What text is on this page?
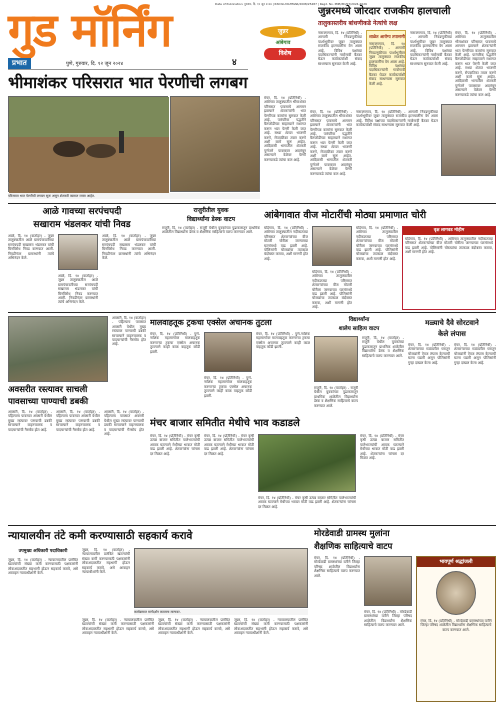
Date of Publication: गुरुवार, दि. १२ जून २०२४ | RNI No.MAHMAR/2008/25487 | Regd. No. PNE/ZD/07/2024-2026
गुड मॉर्निंग
प्रभात	पुणे, गुरुवार, दि. १२ जून २०२४	४
जुन्नर
आंबेगाव
विशेष
जुन्नरमध्ये जोरदार राजकीय हालचाली
तालुकास्तरीय बांधणीकडे नेत्यांचे लक्ष
नारायणगाव, दि. १४ (प्रतिनिधी) - आगामी निवडणुकीच्या पार्श्वभूमीवर जुन्नर तालुक्यात राजकीय हालचालींना वेग आला आहे. विविध पक्षांच्या पदाधिकाऱ्यांनी गावोगावी बैठका घेऊन कार्यकर्त्यांशी संवाद साधण्यास सुरुवात केली आहे.
शाळेत आरोग्य तपासणी
नारायणगाव, दि. १४ (प्रतिनिधी) - आगामी निवडणुकीच्या पार्श्वभूमीवर जुन्नर तालुक्यात राजकीय हालचालींना वेग आला आहे. विविध पक्षांच्या पदाधिकाऱ्यांनी गावोगावी बैठका घेऊन कार्यकर्त्यांशी संवाद साधण्यास सुरुवात केली आहे.
नारायणगाव, दि. १४ (प्रतिनिधी) - आगामी निवडणुकीच्या पार्श्वभूमीवर जुन्नर तालुक्यात राजकीय हालचालींना वेग आला आहे. विविध पक्षांच्या पदाधिकाऱ्यांनी गावोगावी बैठका घेऊन कार्यकर्त्यांशी संवाद साधण्यास सुरुवात केली आहे.
मंचर, दि. १४ (प्रतिनिधी) - आंबेगाव तालुक्यातील भीमाशंकर परिसरात पावसाचे आगमन झाल्याने शेतकऱ्यांनी भात पेरणीच्या कामांना सुरुवात केली आहे. पारंपरिक पद्धतीने बैलजोडीच्या साहाय्याने मशागत करून भात पेरणी केली जात आहे. सध्या शेतात भाजणी करणे, रोपवाटिका तयार करणे अशी कामे सुरू आहेत. आदिवासी भागातील शेतकरी पूर्णपणे पावसावर अवलंबून असल्याने वेळेवर पेरणी करण्याकडे त्यांचा कल आहे.
भीमाशंकर परिसरात भात पेरणीची लगबग
परिसरात भात पेरणीची लगबग सुरू असून शेतकरी कामात व्यस्त आहेत.
मंचर, दि. १४ (प्रतिनिधी) - आंबेगाव तालुक्यातील भीमाशंकर परिसरात पावसाचे आगमन झाल्याने शेतकऱ्यांनी भात पेरणीच्या कामांना सुरुवात केली आहे. पारंपरिक पद्धतीने बैलजोडीच्या साहाय्याने मशागत करून भात पेरणी केली जात आहे. सध्या शेतात भाजणी करणे, रोपवाटिका तयार करणे अशी कामे सुरू आहेत. आदिवासी भागातील शेतकरी पूर्णपणे पावसावर अवलंबून असल्याने वेळेवर पेरणी करण्याकडे त्यांचा कल आहे.
मंचर, दि. १४ (प्रतिनिधी) - आंबेगाव तालुक्यातील भीमाशंकर परिसरात पावसाचे आगमन झाल्याने शेतकऱ्यांनी भात पेरणीच्या कामांना सुरुवात केली आहे. पारंपरिक पद्धतीने बैलजोडीच्या साहाय्याने मशागत करून भात पेरणी केली जात आहे. सध्या शेतात भाजणी करणे, रोपवाटिका तयार करणे अशी कामे सुरू आहेत. आदिवासी भागातील शेतकरी पूर्णपणे पावसावर अवलंबून असल्याने वेळेवर पेरणी करण्याकडे त्यांचा कल आहे.
नारायणगाव, दि. १४ (प्रतिनिधी) - आगामी निवडणुकीच्या पार्श्वभूमीवर जुन्नर तालुक्यात राजकीय हालचालींना वेग आला आहे. विविध पक्षांच्या पदाधिकाऱ्यांनी गावोगावी बैठका घेऊन कार्यकर्त्यांशी संवाद साधण्यास सुरुवात केली आहे.
आळे गावच्या सरपंचपदी
सखाराम भंडलकर यांची निवड
आळे, दि. १४ (वार्ताहर) - जुन्नर तालुक्यातील आळे ग्रामपंचायतीच्या सरपंचपदी सखाराम भंडलकर यांची बिनविरोध निवड करण्यात आली. निवडीनंतर ग्रामस्थांनी त्यांचे अभिनंदन केले.
आळे, दि. १४ (वार्ताहर) - जुन्नर तालुक्यातील आळे ग्रामपंचायतीच्या सरपंचपदी सखाराम भंडलकर यांची बिनविरोध निवड करण्यात आली. निवडीनंतर ग्रामस्थांनी त्यांचे अभिनंदन केले.
आळे, दि. १४ (वार्ताहर) - जुन्नर तालुक्यातील आळे ग्रामपंचायतीच्या सरपंचपदी सखाराम भंडलकर यांची बिनविरोध निवड करण्यात आली. निवडीनंतर ग्रामस्थांनी त्यांचे अभिनंदन केले.
राजुरीतील युवक
विद्यार्थ्यांना डेस्क वाटप
राजुरी, दि. १४ (वार्ताहर) - राजुरी येथील युवकांच्या पुढाकारातून प्राथमिक शाळेतील विद्यार्थ्यांना डेस्क व शैक्षणिक साहित्याचे वाटप करण्यात आले.
आंबेगावात वीज मोटारींची मोठ्या प्रमाणात चोरी
घोडेगाव, दि. १४ (प्रतिनिधी) - आंबेगाव तालुक्यातील नदीकाठच्या परिसरात शेतकऱ्यांच्या वीज मोटारी चोरीला जाण्याच्या घटनांमध्ये वाढ झाली आहे. पोलिसांनी चोरट्यांचा तात्काळ बंदोबस्त करावा, अशी मागणी होत आहे.
घोडेगाव, दि. १४ (प्रतिनिधी) - आंबेगाव तालुक्यातील नदीकाठच्या परिसरात शेतकऱ्यांच्या वीज मोटारी चोरीला जाण्याच्या घटनांमध्ये वाढ झाली आहे. पोलिसांनी चोरट्यांचा तात्काळ बंदोबस्त करावा, अशी मागणी होत आहे.
घोडेगाव, दि. १४ (प्रतिनिधी) - आंबेगाव तालुक्यातील नदीकाठच्या परिसरात शेतकऱ्यांच्या वीज मोटारी चोरीला जाण्याच्या घटनांमध्ये वाढ झाली आहे. पोलिसांनी चोरट्यांचा तात्काळ बंदोबस्त करावा, अशी मागणी होत आहे.
वृक्ष लागवड मोहीम
घोडेगाव, दि. १४ (प्रतिनिधी) - आंबेगाव तालुक्यातील नदीकाठच्या परिसरात शेतकऱ्यांच्या वीज मोटारी चोरीला जाण्याच्या घटनांमध्ये वाढ झाली आहे. पोलिसांनी चोरट्यांचा तात्काळ बंदोबस्त करावा, अशी मागणी होत आहे.
अवसरीत रस्त्यावर साचली
पावसाच्या पाण्याची डबकी
अवसरी, दि. १४ (वार्ताहर) - पहिल्याच पावसात अवसरी येथील मुख्य रस्त्यावर पाण्याची डबकी साचल्याने वाहनचालक व पादचाऱ्यांची गैरसोय होत आहे.
अवसरी, दि. १४ (वार्ताहर) - पहिल्याच पावसात अवसरी येथील मुख्य रस्त्यावर पाण्याची डबकी साचल्याने वाहनचालक व पादचाऱ्यांची गैरसोय होत आहे.
अवसरी, दि. १४ (वार्ताहर) - पहिल्याच पावसात अवसरी येथील मुख्य रस्त्यावर पाण्याची डबकी साचल्याने वाहनचालक व पादचाऱ्यांची गैरसोय होत आहे.
अवसरी, दि. १४ (वार्ताहर) - पहिल्याच पावसात अवसरी येथील मुख्य रस्त्यावर पाण्याची डबकी साचल्याने वाहनचालक व पादचाऱ्यांची गैरसोय होत आहे.
मालवाहतूक ट्रकचा एक्सेल अचानक तुटला
मंचर, दि. १४ (प्रतिनिधी) - पुणे-नाशिक महामार्गावर मालवाहतूक करणाऱ्या ट्रकचा एक्सेल अचानक तुटल्याने काही काळ वाहतूक कोंडी झाली.
मंचर, दि. १४ (प्रतिनिधी) - पुणे-नाशिक महामार्गावर मालवाहतूक करणाऱ्या ट्रकचा एक्सेल अचानक तुटल्याने काही काळ वाहतूक कोंडी झाली.
मंचर, दि. १४ (प्रतिनिधी) - पुणे-नाशिक महामार्गावर मालवाहतूक करणाऱ्या ट्रकचा एक्सेल अचानक तुटल्याने काही काळ वाहतूक कोंडी झाली.
विद्यार्थ्यांना
शालेय साहित्य वाटप
राजुरी, दि. १४ (वार्ताहर) - राजुरी येथील युवकांच्या पुढाकारातून प्राथमिक शाळेतील विद्यार्थ्यांना डेस्क व शैक्षणिक साहित्याचे वाटप करण्यात आले.
राजुरी, दि. १४ (वार्ताहर) - राजुरी येथील युवकांच्या पुढाकारातून प्राथमिक शाळेतील विद्यार्थ्यांना डेस्क व शैक्षणिक साहित्याचे वाटप करण्यात आले.
मळ्याचे दैवे सोरटवाने
केले लंपास
मंचर, दि. १४ (प्रतिनिधी) - शेतकऱ्याच्या मळ्यातील घरातून चोरट्यांनी ऐवज लंपास केल्याची घटना घडली असून पोलिसांनी गुन्हा दाखल केला आहे.
मंचर, दि. १४ (प्रतिनिधी) - शेतकऱ्याच्या मळ्यातील घरातून चोरट्यांनी ऐवज लंपास केल्याची घटना घडली असून पोलिसांनी गुन्हा दाखल केला आहे.
मंचर बाजार समितीत मेथीचे भाव कडाडले
मंचर, दि. १४ (प्रतिनिधी) - मंचर कृषी उत्पन्न बाजार समितीत पालेभाज्यांची आवक घटल्याने मेथीच्या भावात मोठी वाढ झाली आहे. शेतकऱ्यांना चांगला दर मिळत आहे.
मंचर, दि. १४ (प्रतिनिधी) - मंचर कृषी उत्पन्न बाजार समितीत पालेभाज्यांची आवक घटल्याने मेथीच्या भावात मोठी वाढ झाली आहे. शेतकऱ्यांना चांगला दर मिळत आहे.
मंचर, दि. १४ (प्रतिनिधी) - मंचर कृषी उत्पन्न बाजार समितीत पालेभाज्यांची आवक घटल्याने मेथीच्या भावात मोठी वाढ झाली आहे. शेतकऱ्यांना चांगला दर मिळत आहे.
मंचर, दि. १४ (प्रतिनिधी) - मंचर कृषी उत्पन्न बाजार समितीत पालेभाज्यांची आवक घटल्याने मेथीच्या भावात मोठी वाढ झाली आहे. शेतकऱ्यांना चांगला दर मिळत आहे.
न्यायालयीन तंटे कमी करण्यासाठी सहकार्य करावे
उपमुख्य अधिकारी पदाधिकारी
जुन्नर, दि. १४ (वार्ताहर) - न्यायालयातील प्रलंबित खटल्यांची संख्या कमी करण्यासाठी पक्षकारांनी लोकअदालतीत सहभागी होऊन सहकार्य करावे, असे आवाहन न्यायाधीशांनी केले.
जुन्नर, दि. १४ (वार्ताहर) - न्यायालयातील प्रलंबित खटल्यांची संख्या कमी करण्यासाठी पक्षकारांनी लोकअदालतीत सहभागी होऊन सहकार्य करावे, असे आवाहन न्यायाधीशांनी केले.
कार्यक्रमात मार्गदर्शन करताना मान्यवर.
जुन्नर, दि. १४ (वार्ताहर) - न्यायालयातील प्रलंबित खटल्यांची संख्या कमी करण्यासाठी पक्षकारांनी लोकअदालतीत सहभागी होऊन सहकार्य करावे, असे आवाहन न्यायाधीशांनी केले.
जुन्नर, दि. १४ (वार्ताहर) - न्यायालयातील प्रलंबित खटल्यांची संख्या कमी करण्यासाठी पक्षकारांनी लोकअदालतीत सहभागी होऊन सहकार्य करावे, असे आवाहन न्यायाधीशांनी केले.
जुन्नर, दि. १४ (वार्ताहर) - न्यायालयातील प्रलंबित खटल्यांची संख्या कमी करण्यासाठी पक्षकारांनी लोकअदालतीत सहभागी होऊन सहकार्य करावे, असे आवाहन न्यायाधीशांनी केले.
मोरडेवाडी ग्रामस्थ मुलांना
शैक्षणिक साहित्याचे वाटप
मंचर, दि. १४ (प्रतिनिधी) - मोरडेवाडी ग्रामस्थांच्या वतीने जिल्हा परिषद शाळेतील विद्यार्थ्यांना शैक्षणिक साहित्याचे वाटप करण्यात आले.
मंचर, दि. १४ (प्रतिनिधी) - मोरडेवाडी ग्रामस्थांच्या वतीने जिल्हा परिषद शाळेतील विद्यार्थ्यांना शैक्षणिक साहित्याचे वाटप करण्यात आले.
भावपूर्ण श्रद्धांजली
मंचर, दि. १४ (प्रतिनिधी) - मोरडेवाडी ग्रामस्थांच्या वतीने जिल्हा परिषद शाळेतील विद्यार्थ्यांना शैक्षणिक साहित्याचे वाटप करण्यात आले.
